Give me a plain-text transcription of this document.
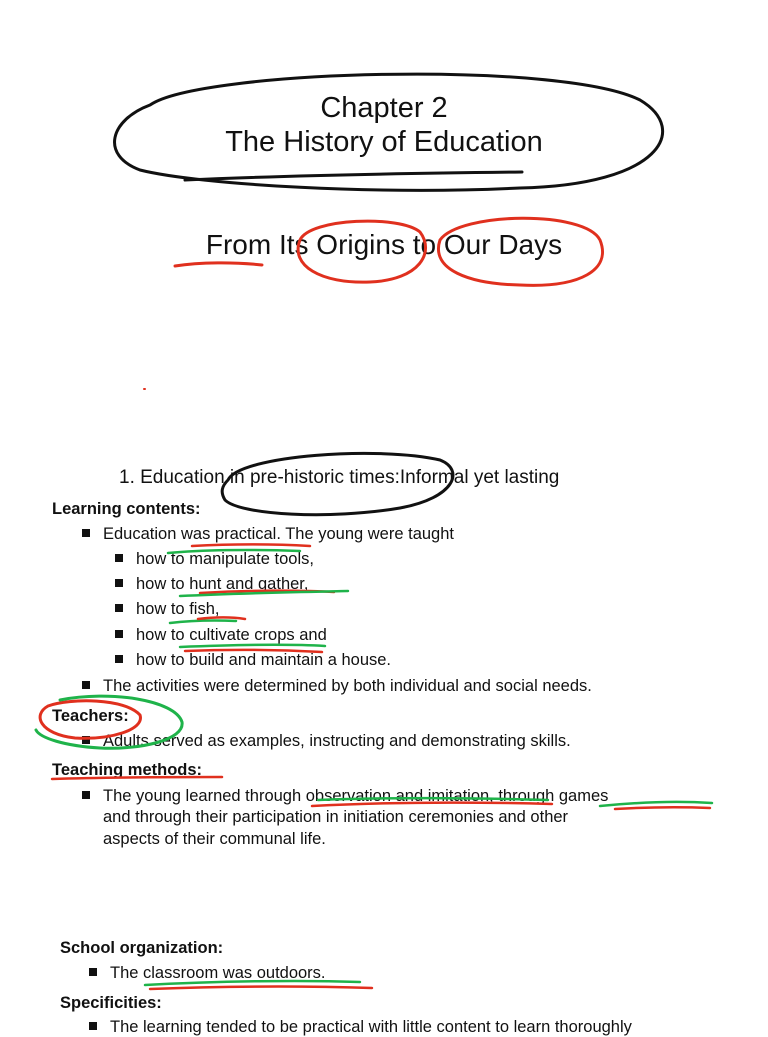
Chapter 2
The History of Education
From Its Origins to Our Days
1. Education in pre-historic times:Informal yet lasting
Learning contents:
Education was practical. The young were taught
how to manipulate tools,
how to hunt and gather,
how to fish,
how to cultivate crops and
how to build and maintain a house.
The activities were determined by both individual and social needs.
Teachers:
Adults served as examples, instructing and demonstrating skills.
Teaching methods:
The young learned through observation and imitation, through games
and through their participation in initiation ceremonies and other
aspects of their communal life.
School organization:
The classroom was outdoors.
Specificities:
The learning tended to be practical with little content to learn thoroughly
